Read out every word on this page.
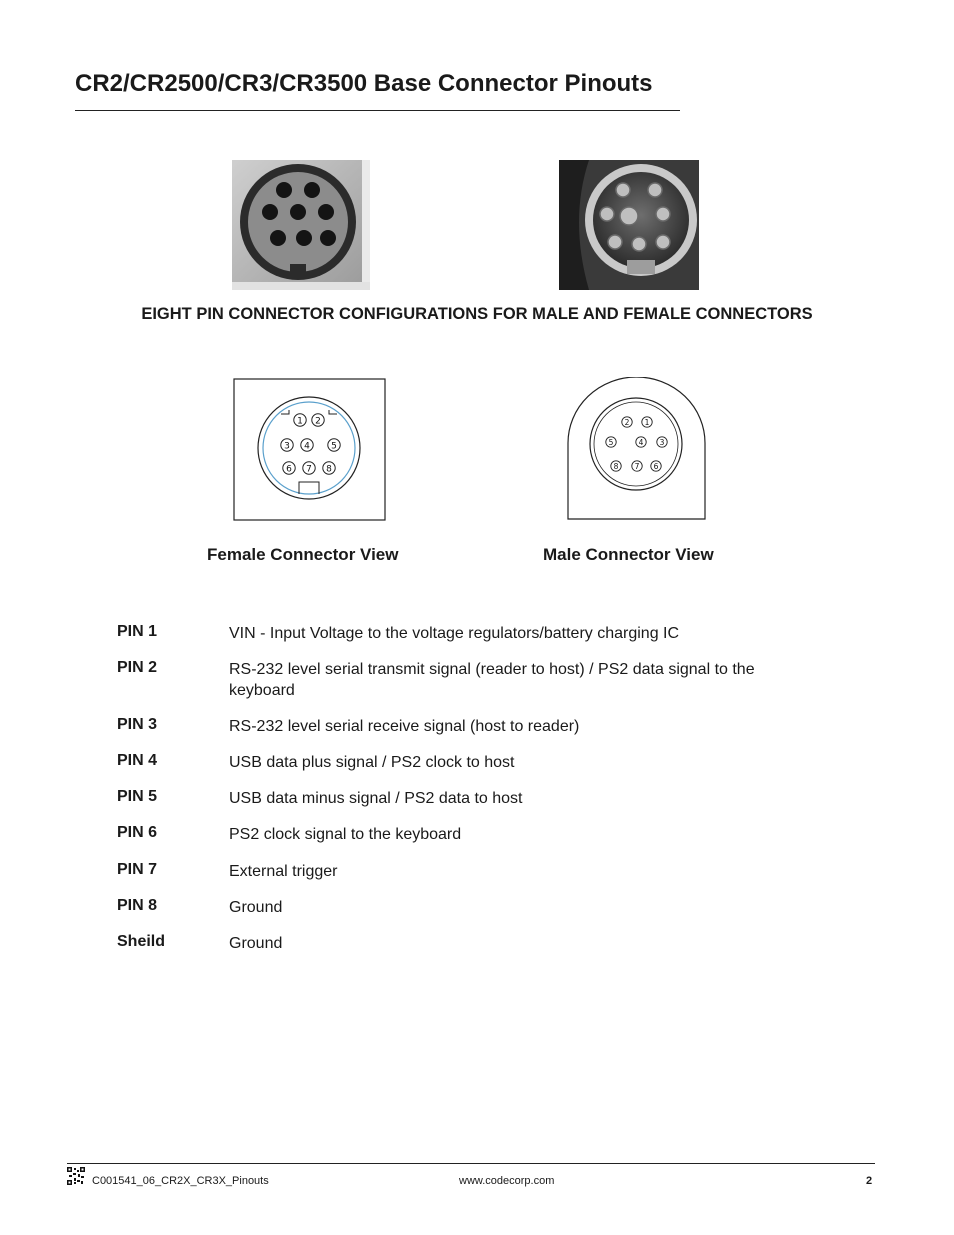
CR2/CR2500/CR3/CR3500 Base Connector Pinouts

EIGHT PIN CONNECTOR CONFIGURATIONS FOR MALE AND FEMALE CONNECTORS

1 2
3 4 5
6 7 8
2 1
5	4 3
8 7 6
Female Connector View	Male Connector View
PIN 1	VIN - Input Voltage to the voltage regulators/battery charging IC
PIN 2	RS-232 level serial transmit signal (reader to host) / PS2 data signal to the keyboard
PIN 3	RS-232 level serial receive signal (host to reader)
PIN 4	USB data plus signal / PS2 clock to host
PIN 5	USB data minus signal / PS2 data to host
PIN 6	PS2 clock signal to the keyboard
PIN 7	External trigger
PIN 8	Ground
Sheild	Ground
C001541_06_CR2X_CR3X_Pinouts	www.codecorp.com	2
